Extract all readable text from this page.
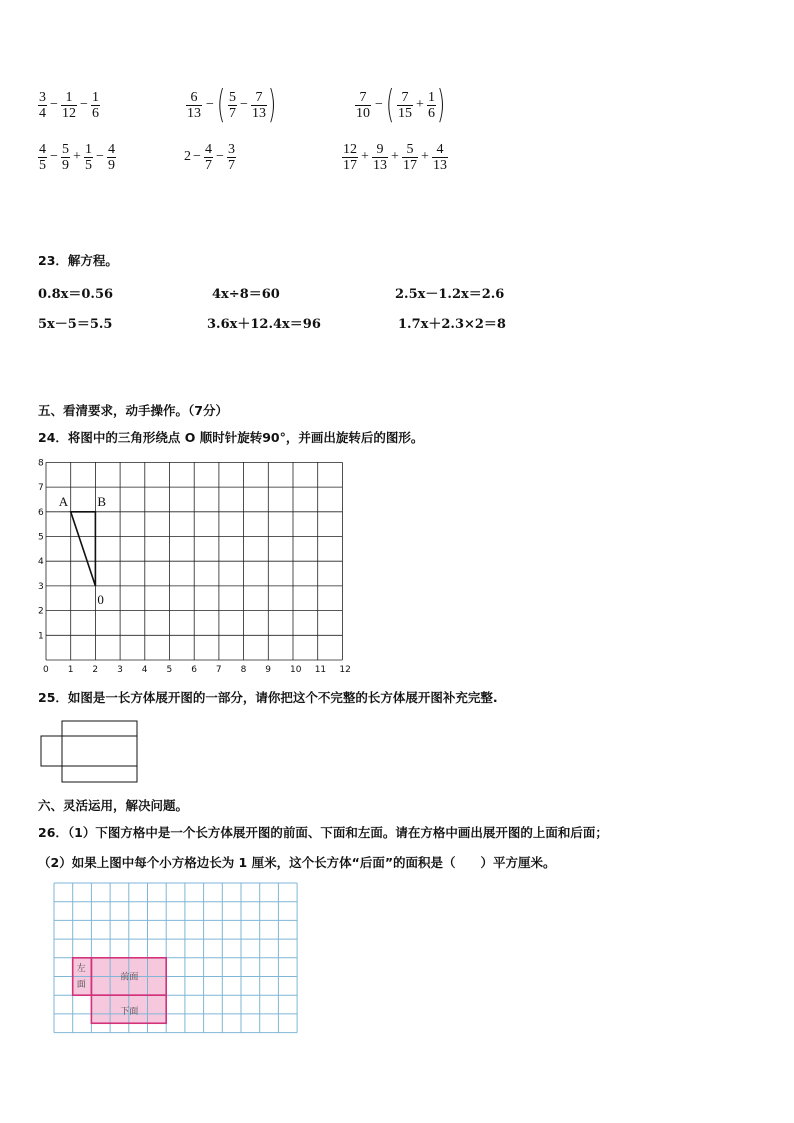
$\frac{3}{4} - \frac{1}{12} - \frac{1}{6}$	$\frac{6}{13}$ − ( $\frac{5}{7} - \frac{7}{13}$ )	$\frac{7}{10}$ − ( $\frac{7}{15} + \frac{1}{6}$ )
$\frac{4}{5} - \frac{5}{9} + \frac{1}{5} - \frac{4}{9}$	$2 - \frac{4}{7} - \frac{3}{7}$	$\frac{12}{17} + \frac{9}{13} + \frac{5}{17} + \frac{4}{13}$
23．解方程。
0.8x＝0.56	4x÷8＝60	2.5x－1.2x＝2.6
5x－5＝5.5	3.6x＋12.4x＝96	1.7x＋2.3×2＝8
五、看清要求，动手操作。（7分）
24．将图中的三角形绕点 O 顺时针旋转90°，并画出旋转后的图形。
A B
0
0 1 2 3 4 5 6 7 8 9 10 11 12
1
2
3
4
5
6
7
8
25．如图是一长方体展开图的一部分，请你把这个不完整的长方体展开图补充完整.
六、灵活运用，解决问题。
26．（1）下图方格中是一个长方体展开图的前面、下面和左面。请在方格中画出展开图的上面和后面；
（2）如果上图中每个小方格边长为 1 厘米，这个长方体“后面”的面积是（　　）平方厘米。
左
面
前面
下面
